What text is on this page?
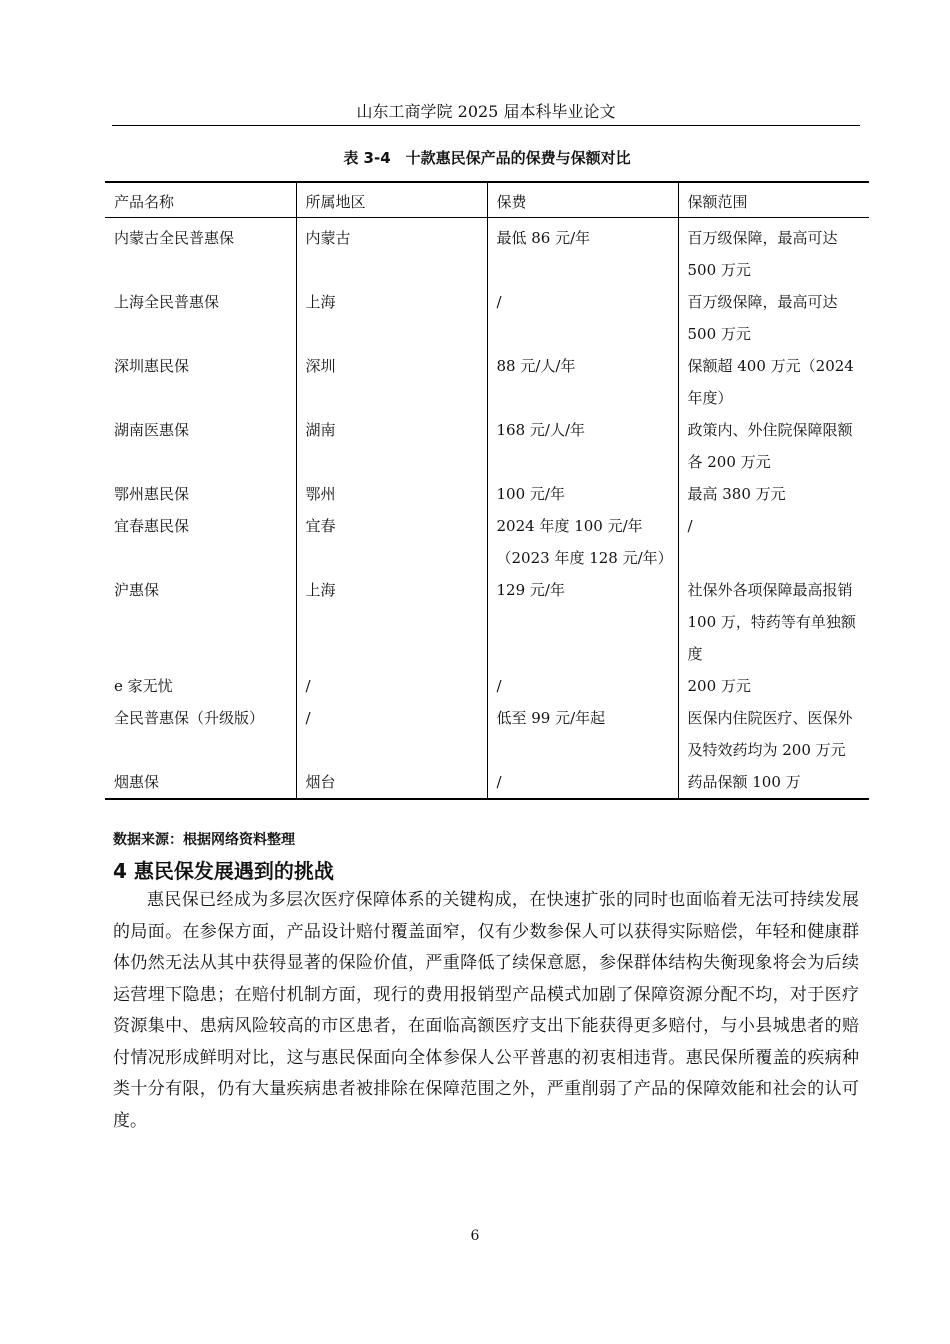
山东工商学院 2025 届本科毕业论文
表 3-4　十款惠民保产品的保费与保额对比
产品名称	所属地区	保费	保额范围
内蒙古全民普惠保	内蒙古	最低 86 元/年	百万级保障，最高可达 500 万元
上海全民普惠保	上海	/	百万级保障，最高可达 500 万元
深圳惠民保	深圳	88 元/人/年	保额超 400 万元（2024 年度）
湖南医惠保	湖南	168 元/人/年	政策内、外住院保障限额各 200 万元
鄂州惠民保	鄂州	100 元/年	最高 380 万元
宜春惠民保	宜春	2024 年度 100 元/年（2023 年度 128 元/年）	/
沪惠保	上海	129 元/年	社保外各项保障最高报销 100 万，特药等有单独额度
e 家无忧	/	/	200 万元
全民普惠保（升级版）	/	低至 99 元/年起	医保内住院医疗、医保外及特效药均为 200 万元
烟惠保	烟台	/	药品保额 100 万
数据来源：根据网络资料整理
4 惠民保发展遇到的挑战

惠民保已经成为多层次医疗保障体系的关键构成，在快速扩张的同时也面临着无法可持续发展的局面。在参保方面，产品设计赔付覆盖面窄，仅有少数参保人可以获得实际赔偿，年轻和健康群体仍然无法从其中获得显著的保险价值，严重降低了续保意愿，参保群体结构失衡现象将会为后续运营埋下隐患；在赔付机制方面，现行的费用报销型产品模式加剧了保障资源分配不均，对于医疗资源集中、患病风险较高的市区患者，在面临高额医疗支出下能获得更多赔付，与小县城患者的赔付情况形成鲜明对比，这与惠民保面向全体参保人公平普惠的初衷相违背。惠民保所覆盖的疾病种类十分有限，仍有大量疾病患者被排除在保障范围之外，严重削弱了产品的保障效能和社会的认可度。

6
